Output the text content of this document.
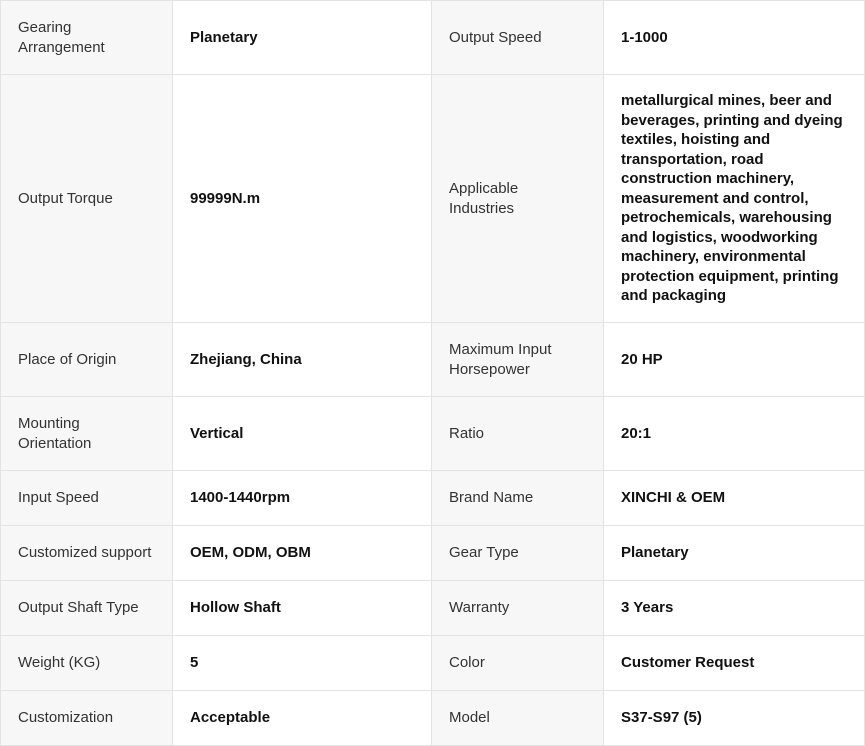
Gearing Arrangement	Planetary	Output Speed	1-1000
Output Torque	99999N.m	Applicable Industries	metallurgical mines, beer and beverages, printing and dyeing textiles, hoisting and transportation, road construction machinery, measurement and control, petrochemicals, warehousing and logistics, woodworking machinery, environmental protection equipment, printing and packaging
Place of Origin	Zhejiang, China	Maximum Input Horsepower	20 HP
Mounting Orientation	Vertical	Ratio	20:1
Input Speed	1400-1440rpm	Brand Name	XINCHI & OEM
Customized support	OEM, ODM, OBM	Gear Type	Planetary
Output Shaft Type	Hollow Shaft	Warranty	3 Years
Weight (KG)	5	Color	Customer Request
Customization	Acceptable	Model	S37-S97 (5)
